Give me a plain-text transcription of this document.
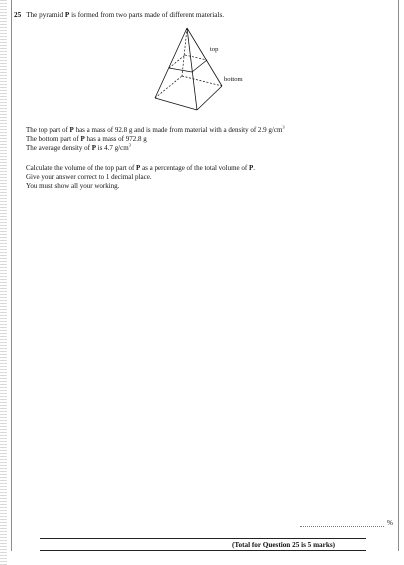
25 The pyramid P is formed from two parts made of different materials.
top
bottom
The top part of P has a mass of 92.8 g and is made from material with a density of 2.9 $g/cm^3$
The bottom part of P has a mass of 972.8 g
The average density of P is 4.7 $g/cm^3$
Calculate the volume of the top part of P as a percentage of the total volume of P.
Give your answer correct to 1 decimal place.
You must show all your working.
%
(Total for Question 25 is 5 marks)
